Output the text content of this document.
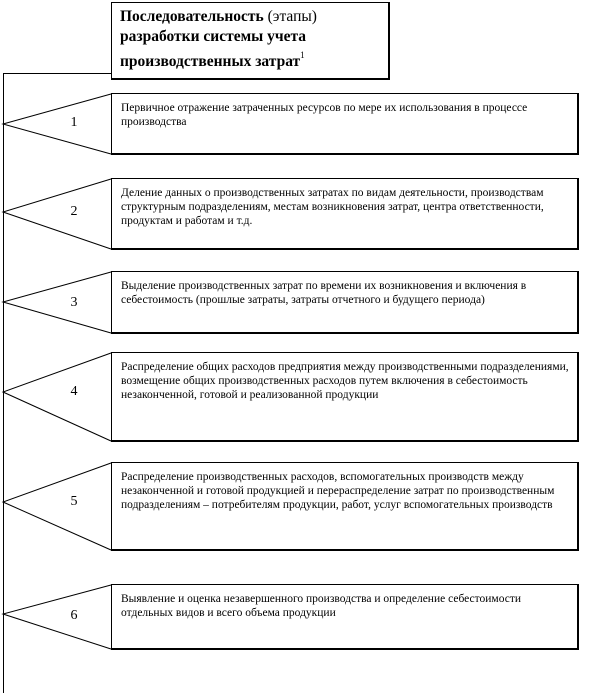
Последовательность (этапы) разработки системы учета производственных затрат$^1$
1
Первичное отражение затраченных ресурсов по мере их использования в процессе производства
2
Деление данных о производственных затратах по видам деятельности, производствам структурным подразделениям, местам возникновения затрат, центра ответственности, продуктам и работам и т.д.
3
Выделение производственных затрат по времени их возникновения и включения в себестоимость (прошлые затраты, затраты отчетного и будущего периода)
4
Распределение общих расходов предприятия между производственными подразделениями, возмещение общих производственных расходов путем включения в себестоимость незаконченной, готовой и реализованной продукции
5
Распределение производственных расходов, вспомогательных производств между незаконченной и готовой продукцией и перераспределение затрат по производственным подразделениям – потребителям продукции, работ, услуг вспомогательных производств
6
Выявление и оценка незавершенного производства и определение себестоимости отдельных видов и всего объема продукции
